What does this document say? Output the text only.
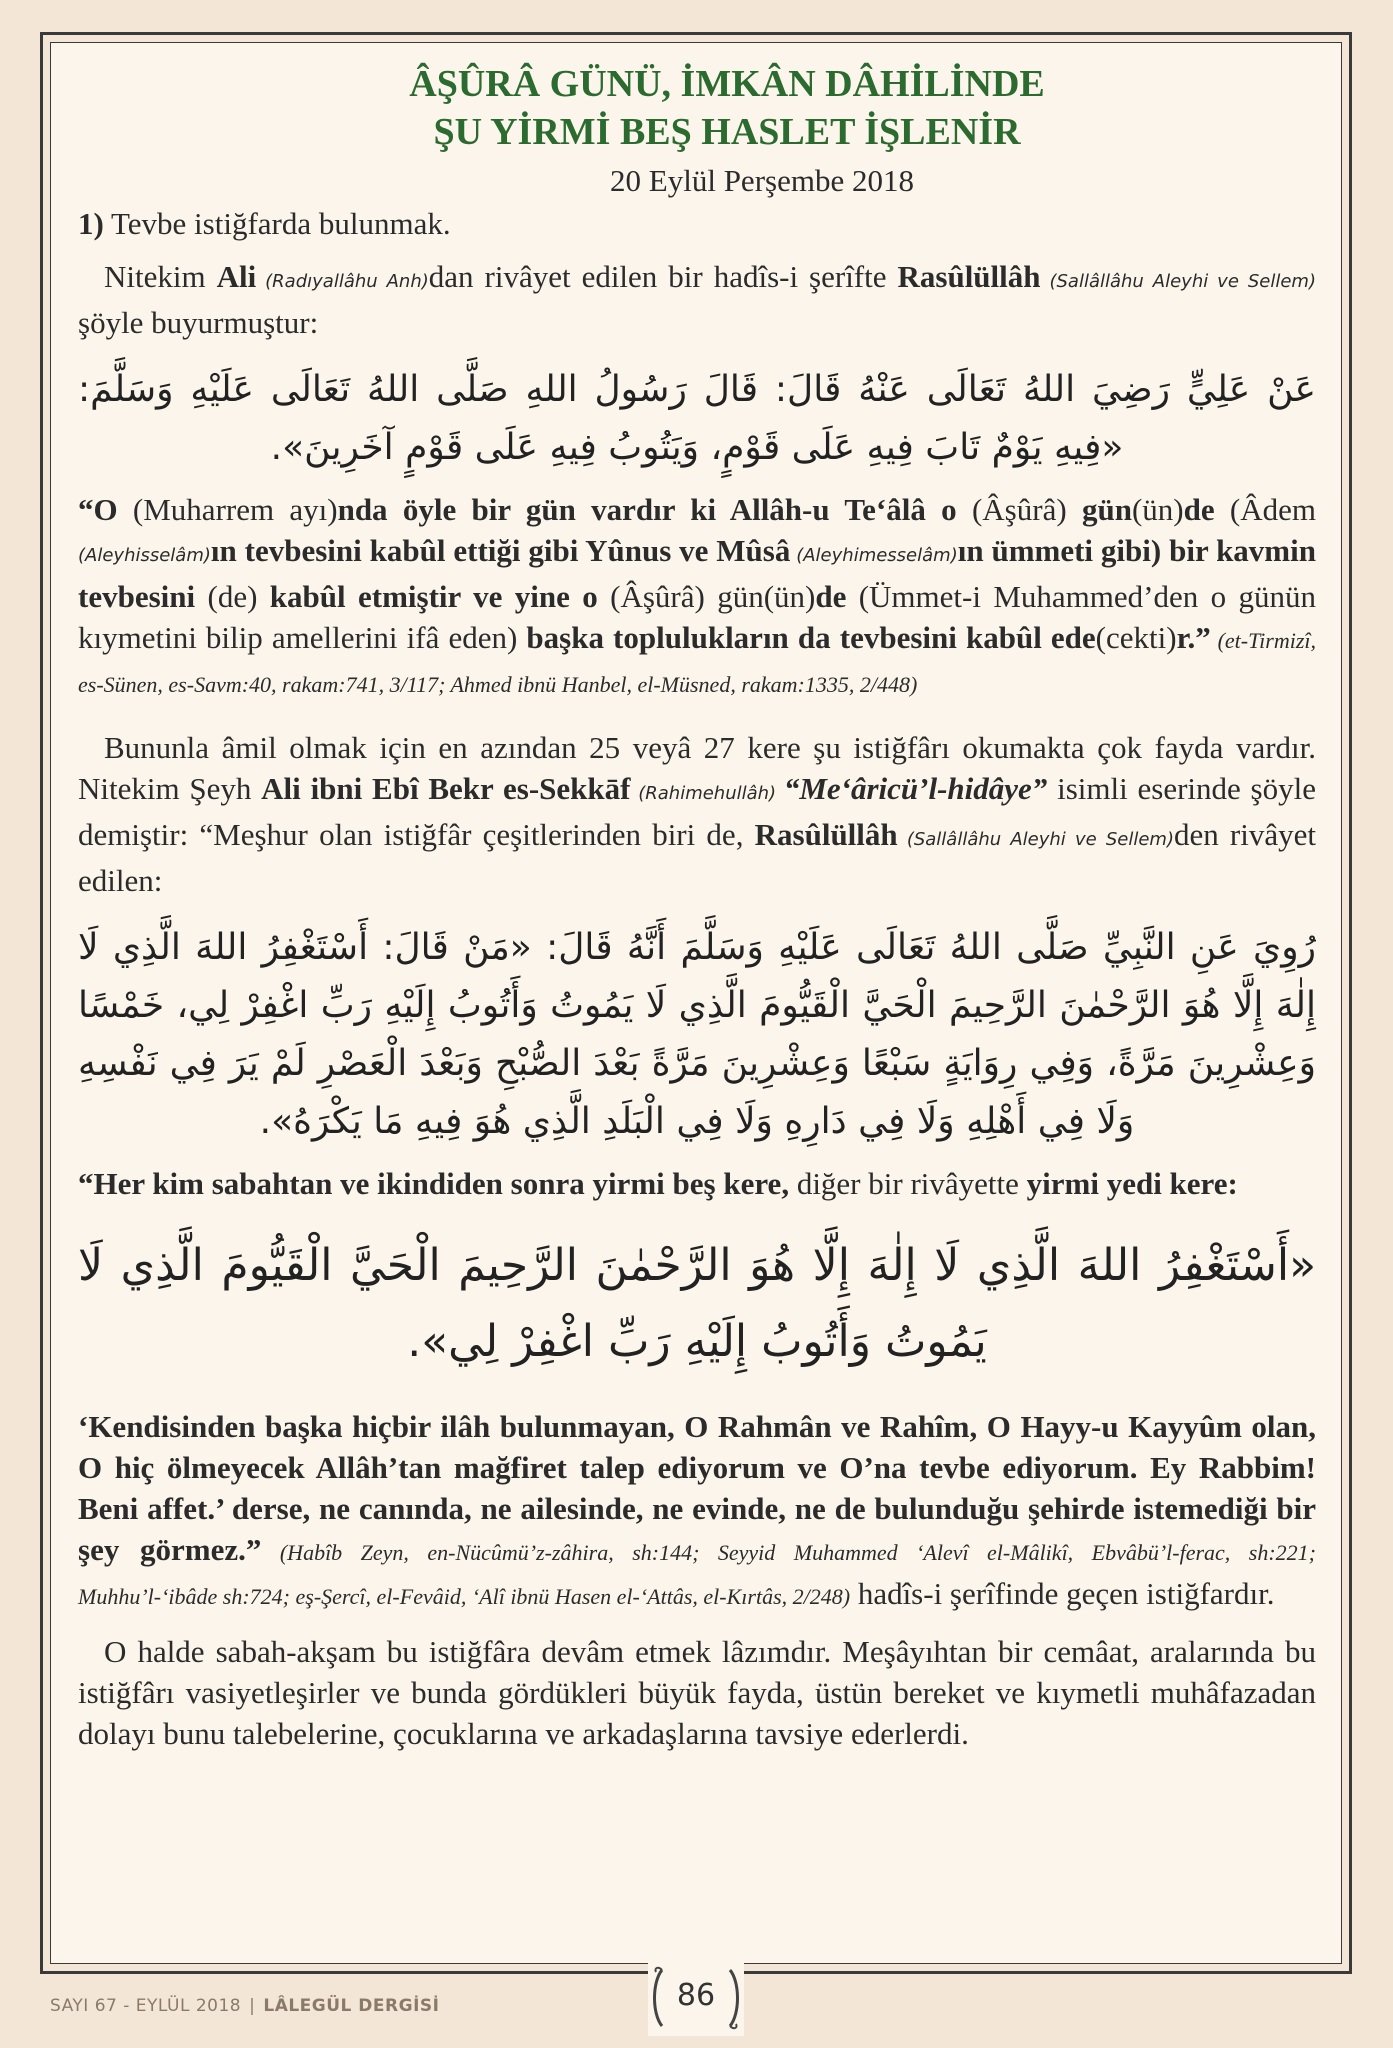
ÂŞÛRÂ GÜNÜ, İMKÂN DÂHİLİNDE
ŞU YİRMİ BEŞ HASLET İŞLENİR
20 Eylül Perşembe 2018

1) Tevbe istiğfarda bulunmak.

Nitekim Ali (Radıyallâhu Anh)dan rivâyet edilen bir hadîs-i şerîfte Rasûlüllâh (Sallâllâhu Aleyhi ve Sellem) şöyle buyurmuştur:

عَنْ عَلِيٍّ رَضِيَ اللهُ تَعَالَى عَنْهُ قَالَ: قَالَ رَسُولُ اللهِ صَلَّى اللهُ تَعَالَى عَلَيْهِ وَسَلَّمَ: «فِيهِ يَوْمٌ تَابَ فِيهِ عَلَى قَوْمٍ، وَيَتُوبُ فِيهِ عَلَى قَوْمٍ آخَرِينَ».

“O (Muharrem ayı)nda öyle bir gün vardır ki Allâh-u Te‘âlâ o (Âşûrâ) gün(ün)de (Âdem (Aleyhisselâm)ın tevbesini kabûl ettiği gibi Yûnus ve Mûsâ (Aleyhimesselâm)ın ümmeti gibi) bir kavmin tevbesini (de) kabûl etmiştir ve yine o (Âşûrâ) gün(ün)de (Ümmet-i Muhammed’den o günün kıymetini bilip amellerini ifâ eden) başka toplulukların da tevbesini kabûl ede(cekti)r.” (et-Tirmizî, es-Sünen, es-Savm:40, rakam:741, 3/117; Ahmed ibnü Hanbel, el-Müsned, rakam:1335, 2/448)

Bununla âmil olmak için en azından 25 veyâ 27 kere şu istiğfârı okumakta çok faydа vardır. Nitekim Şeyh Ali ibni Ebî Bekr es-Sekkāf (Rahimehullâh) “Me‘âricü’l-hidâye” isimli eserinde şöyle demiştir: “Meşhur olan istiğfâr çeşitlerinden biri de, Rasûlüllâh (Sallâllâhu Aleyhi ve Sellem)den rivâyet edilen:

رُوِيَ عَنِ النَّبِيِّ صَلَّى اللهُ تَعَالَى عَلَيْهِ وَسَلَّمَ أَنَّهُ قَالَ: «مَنْ قَالَ: أَسْتَغْفِرُ اللهَ الَّذِي لَا إِلٰهَ إِلَّا هُوَ الرَّحْمٰنَ الرَّحِيمَ الْحَيَّ الْقَيُّومَ الَّذِي لَا يَمُوتُ وَأَتُوبُ إِلَيْهِ رَبِّ اغْفِرْ لِي، خَمْسًا وَعِشْرِينَ مَرَّةً، وَفِي رِوَايَةٍ سَبْعًا وَعِشْرِينَ مَرَّةً بَعْدَ الصُّبْحِ وَبَعْدَ الْعَصْرِ لَمْ يَرَ فِي نَفْسِهِ وَلَا فِي أَهْلِهِ وَلَا فِي دَارِهِ وَلَا فِي الْبَلَدِ الَّذِي هُوَ فِيهِ مَا يَكْرَهُ».

“Her kim sabahtan ve ikindiden sonra yirmi beş kere, diğer bir rivâyette yirmi yedi kere:

«أَسْتَغْفِرُ اللهَ الَّذِي لَا إِلٰهَ إِلَّا هُوَ الرَّحْمٰنَ الرَّحِيمَ الْحَيَّ الْقَيُّومَ الَّذِي لَا يَمُوتُ وَأَتُوبُ إِلَيْهِ رَبِّ اغْفِرْ لِي».

‘Kendisinden başka hiçbir ilâh bulunmayan, O Rahmân ve Rahîm, O Hayy-u Kayyûm olan, O hiç ölmeyecek Allâh’tan mağfiret talep ediyorum ve O’na tevbe ediyorum. Ey Rabbim! Beni affet.’ derse, ne canında, ne ailesinde, ne evinde, ne de bulunduğu şehirde istemediği bir şey görmez.” (Habîb Zeyn, en-Nücûmü’z-zâhira, sh:144; Seyyid Muhammed ‘Alevî el-Mâlikî, Ebvâbü’l-ferac, sh:221; Muhhu’l-‘ibâde sh:724; eş-Şercî, el-Fevâid, ‘Alî ibnü Hasen el-‘Attâs, el-Kırtâs, 2/248) hadîs-i şerîfinde geçen istiğfardır.

O halde sabah-akşam bu istiğfâra devâm etmek lâzımdır. Meşâyıhtan bir cemâat, aralarında bu istiğfârı vasiyetleşirler ve bunda gördükleri büyük fayda, üstün bereket ve kıymetli muhâfazadan dolayı bunu talebelerine, çocuklarına ve arkadaşlarına tavsiye ederlerdi.

SAYI 67 - EYLÜL 2018 | LÂLEGÜL DERGİSİ	86
